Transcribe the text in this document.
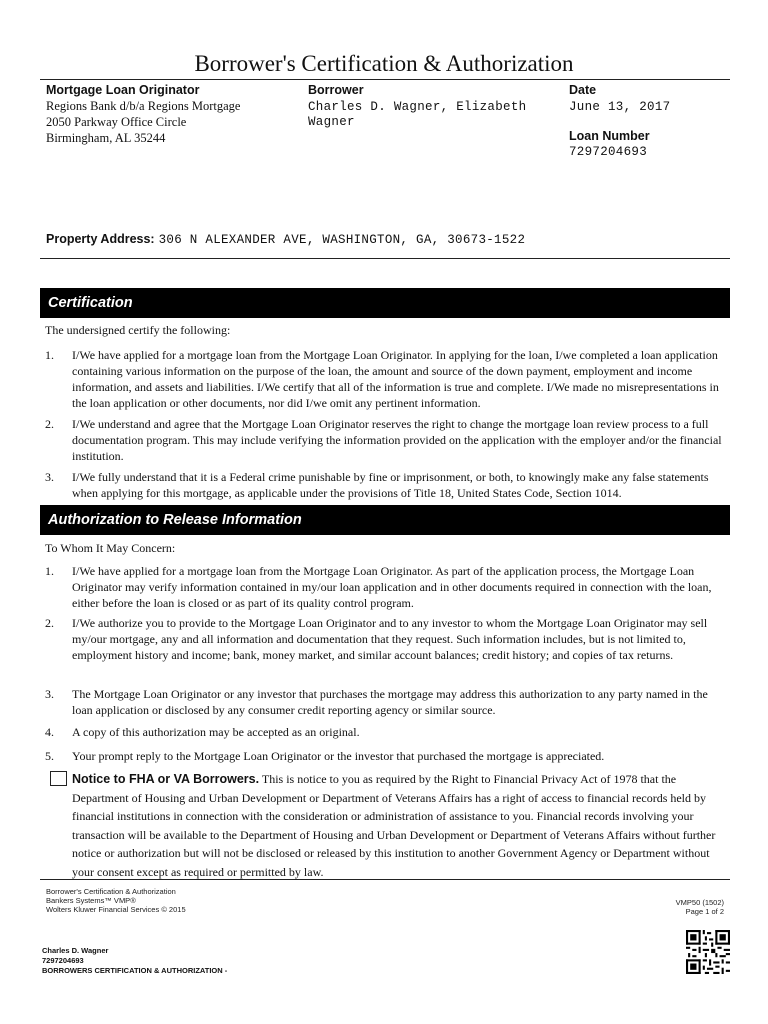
Borrower's Certification & Authorization
Mortgage Loan Originator
Regions Bank d/b/a Regions Mortgage
2050 Parkway Office Circle
Birmingham, AL 35244
Borrower
Charles D. Wagner, Elizabeth
Wagner
Date
June 13, 2017
Loan Number
7297204693
Property Address: 306 N ALEXANDER AVE, WASHINGTON, GA, 30673-1522
Certification
The undersigned certify the following:
1.	I/We have applied for a mortgage loan from the Mortgage Loan Originator. In applying for the loan, I/we completed a loan application containing various information on the purpose of the loan, the amount and source of the down payment, employment and income information, and assets and liabilities. I/We certify that all of the information is true and complete. I/We made no misrepresentations in the loan application or other documents, nor did I/we omit any pertinent information.
2.	I/We understand and agree that the Mortgage Loan Originator reserves the right to change the mortgage loan review process to a full documentation program. This may include verifying the information provided on the application with the employer and/or the financial institution.
3.	I/We fully understand that it is a Federal crime punishable by fine or imprisonment, or both, to knowingly make any false statements when applying for this mortgage, as applicable under the provisions of Title 18, United States Code, Section 1014.
Authorization to Release Information
To Whom It May Concern:
1.	I/We have applied for a mortgage loan from the Mortgage Loan Originator. As part of the application process, the Mortgage Loan Originator may verify information contained in my/our loan application and in other documents required in connection with the loan, either before the loan is closed or as part of its quality control program.
2.	I/We authorize you to provide to the Mortgage Loan Originator and to any investor to whom the Mortgage Loan Originator may sell my/our mortgage, any and all information and documentation that they request. Such information includes, but is not limited to, employment history and income; bank, money market, and similar account balances; credit history; and copies of tax returns.
3.	The Mortgage Loan Originator or any investor that purchases the mortgage may address this authorization to any party named in the loan application or disclosed by any consumer credit reporting agency or similar source.
4.	A copy of this authorization may be accepted as an original.
5.	Your prompt reply to the Mortgage Loan Originator or the investor that purchased the mortgage is appreciated.
Notice to FHA or VA Borrowers. This is notice to you as required by the Right to Financial Privacy Act of 1978 that the Department of Housing and Urban Development or Department of Veterans Affairs has a right of access to financial records held by financial institutions in connection with the consideration or administration of assistance to you. Financial records involving your transaction will be available to the Department of Housing and Urban Development or Department of Veterans Affairs without further notice or authorization but will not be disclosed or released by this institution to another Government Agency or Department without your consent except as required or permitted by law.
Borrower's Certification & Authorization
Bankers Systems™ VMP®
Wolters Kluwer Financial Services © 2015
VMP50 (1502)
Page 1 of 2
Charles D. Wagner
7297204693
BORROWERS CERTIFICATION & AUTHORIZATION -
